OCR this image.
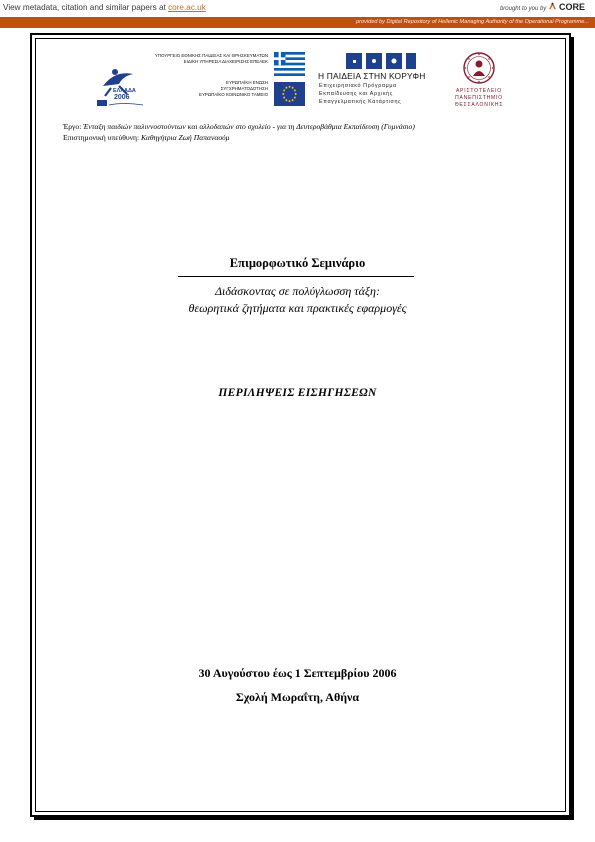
View metadata, citation and similar papers at core.ac.uk	brought to you by CORE
provided by Digital Repository of Hellenic Managing Authority of the Operational Programme...
ΕΛΛΑΔΑ
2006
ΥΠΟΥΡΓΕΙΟ ΕΘΝΙΚΗΣ ΠΑΙΔΕΙΑΣ ΚΑΙ ΘΡΗΣΚΕΥΜΑΤΩΝ
ΕΙΔΙΚΗ ΥΠΗΡΕΣΙΑ ΔΙΑΧΕΙΡΙΣΗΣ ΕΠΕΑΕΚ
ΕΥΡΩΠΑΪΚΗ ΕΝΩΣΗ
ΣΥΓΧΡΗΜΑΤΟΔΟΤΗΣΗ
ΕΥΡΩΠΑΪΚΟ ΚΟΙΝΩΝΙΚΟ ΤΑΜΕΙΟ
Η ΠΑΙΔΕΙΑ ΣΤΗΝ ΚΟΡΥΦΗ
Επιχειρησιακό Πρόγραμμα
Εκπαίδευσης και Αρχικής
Επαγγελματικής Κατάρτισης
ΑΡΙΣΤΟΤΕΛΕΙΟ
ΠΑΝΕΠΙΣΤΗΜΙΟ
ΘΕΣΣΑΛΟΝΙΚΗΣ
Έργο: Ένταξη παιδιών παλιννοστούντων και αλλοδαπών στο σχολείο - για τη Δευτεροβάθμια Εκπαίδευση (Γυμνάσιο)
Επιστημονική υπεύθυνη: Καθηγήτρια Ζωή Παπαναούμ
Επιμορφωτικό Σεμινάριο
Διδάσκοντας σε πολύγλωσση τάξη:
θεωρητικά ζητήματα και πρακτικές εφαρμογές
ΠΕΡΙΛΗΨΕΙΣ ΕΙΣΗΓΗΣΕΩΝ
30 Αυγούστου έως 1 Σεπτεμβρίου 2006
Σχολή Μωραΐτη, Αθήνα
